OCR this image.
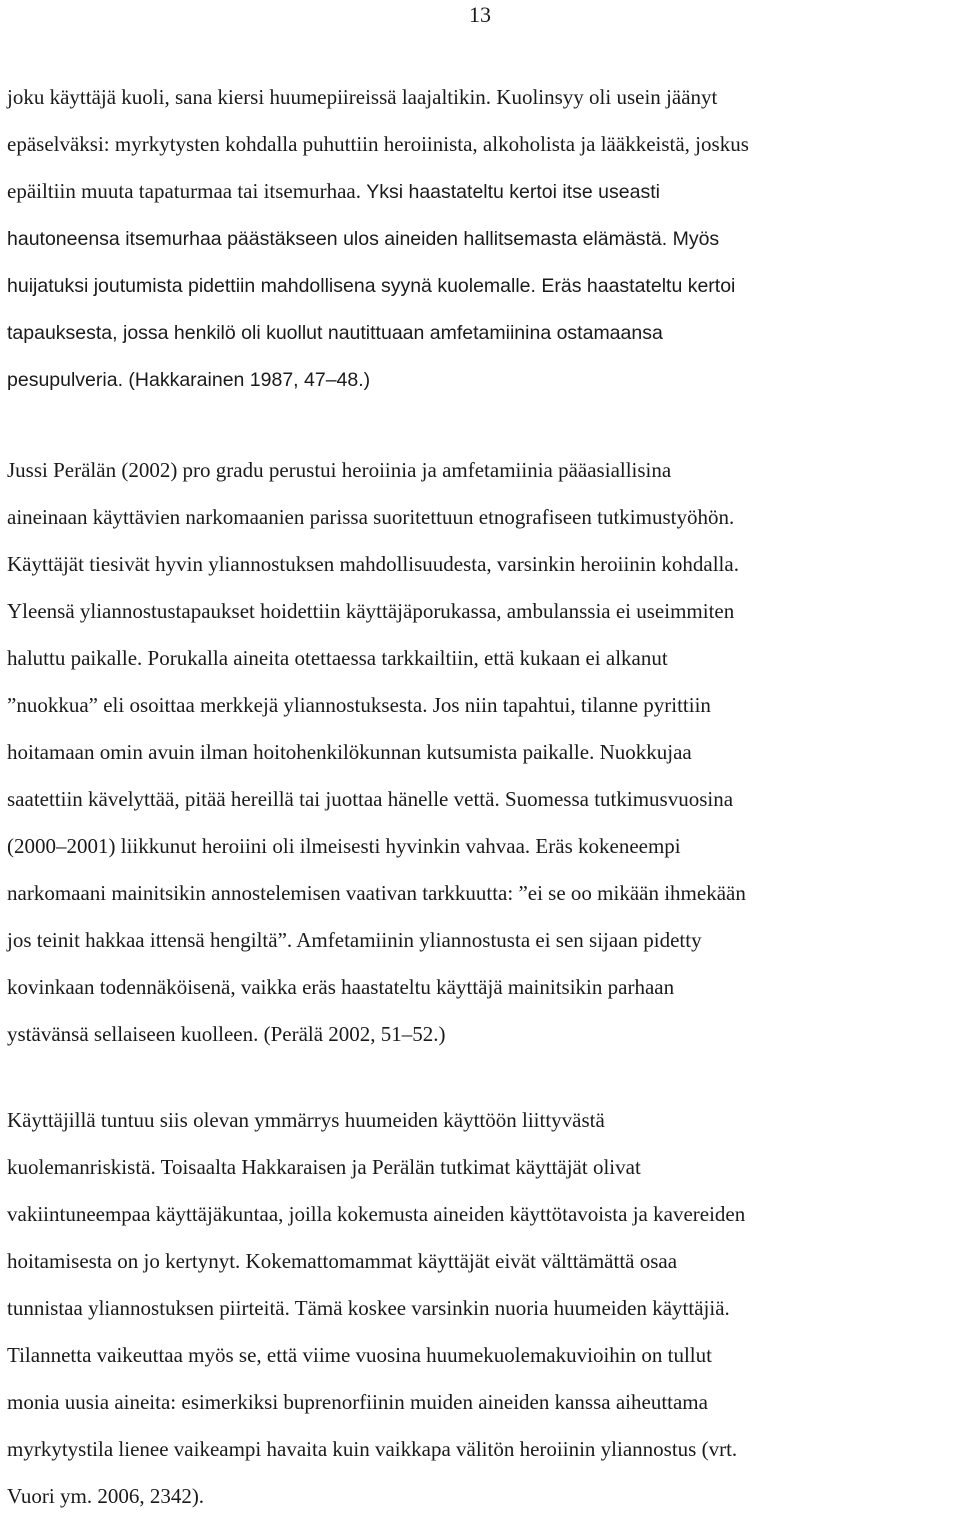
13
joku käyttäjä kuoli, sana kiersi huumepiireissä laajaltikin. Kuolinsyy oli usein jäänyt
epäselväksi: myrkytysten kohdalla puhuttiin heroiinista, alkoholista ja lääkkeistä, joskus
epäiltiin muuta tapaturmaa tai itsemurhaa. Yksi haastateltu kertoi itse useasti
hautoneensa itsemurhaa päästäkseen ulos aineiden hallitsemasta elämästä. Myös
huijatuksi joutumista pidettiin mahdollisena syynä kuolemalle. Eräs haastateltu kertoi
tapauksesta, jossa henkilö oli kuollut nautittuaan amfetamiinina ostamaansa
pesupulveria. (Hakkarainen 1987, 47–48.)
Jussi Perälän (2002) pro gradu perustui heroiinia ja amfetamiinia pääasiallisina
aineinaan käyttävien narkomaanien parissa suoritettuun etnografiseen tutkimustyöhön.
Käyttäjät tiesivät hyvin yliannostuksen mahdollisuudesta, varsinkin heroiinin kohdalla.
Yleensä yliannostustapaukset hoidettiin käyttäjäporukassa, ambulanssia ei useimmiten
haluttu paikalle. Porukalla aineita otettaessa tarkkailtiin, että kukaan ei alkanut
”nuokkua” eli osoittaa merkkejä yliannostuksesta. Jos niin tapahtui, tilanne pyrittiin
hoitamaan omin avuin ilman hoitohenkilökunnan kutsumista paikalle. Nuokkujaa
saatettiin kävelyttää, pitää hereillä tai juottaa hänelle vettä. Suomessa tutkimusvuosina
(2000–2001) liikkunut heroiini oli ilmeisesti hyvinkin vahvaa. Eräs kokeneempi
narkomaani mainitsikin annostelemisen vaativan tarkkuutta: ”ei se oo mikään ihmekään
jos teinit hakkaa ittensä hengiltä”. Amfetamiinin yliannostusta ei sen sijaan pidetty
kovinkaan todennäköisenä, vaikka eräs haastateltu käyttäjä mainitsikin parhaan
ystävänsä sellaiseen kuolleen. (Perälä 2002, 51–52.)
Käyttäjillä tuntuu siis olevan ymmärrys huumeiden käyttöön liittyvästä
kuolemanriskistä. Toisaalta Hakkaraisen ja Perälän tutkimat käyttäjät olivat
vakiintuneempaa käyttäjäkuntaa, joilla kokemusta aineiden käyttötavoista ja kavereiden
hoitamisesta on jo kertynyt. Kokemattomammat käyttäjät eivät välttämättä osaa
tunnistaa yliannostuksen piirteitä. Tämä koskee varsinkin nuoria huumeiden käyttäjiä.
Tilannetta vaikeuttaa myös se, että viime vuosina huumekuolemakuvioihin on tullut
monia uusia aineita: esimerkiksi buprenorfiinin muiden aineiden kanssa aiheuttama
myrkytystila lienee vaikeampi havaita kuin vaikkapa välitön heroiinin yliannostus (vrt.
Vuori ym. 2006, 2342).
